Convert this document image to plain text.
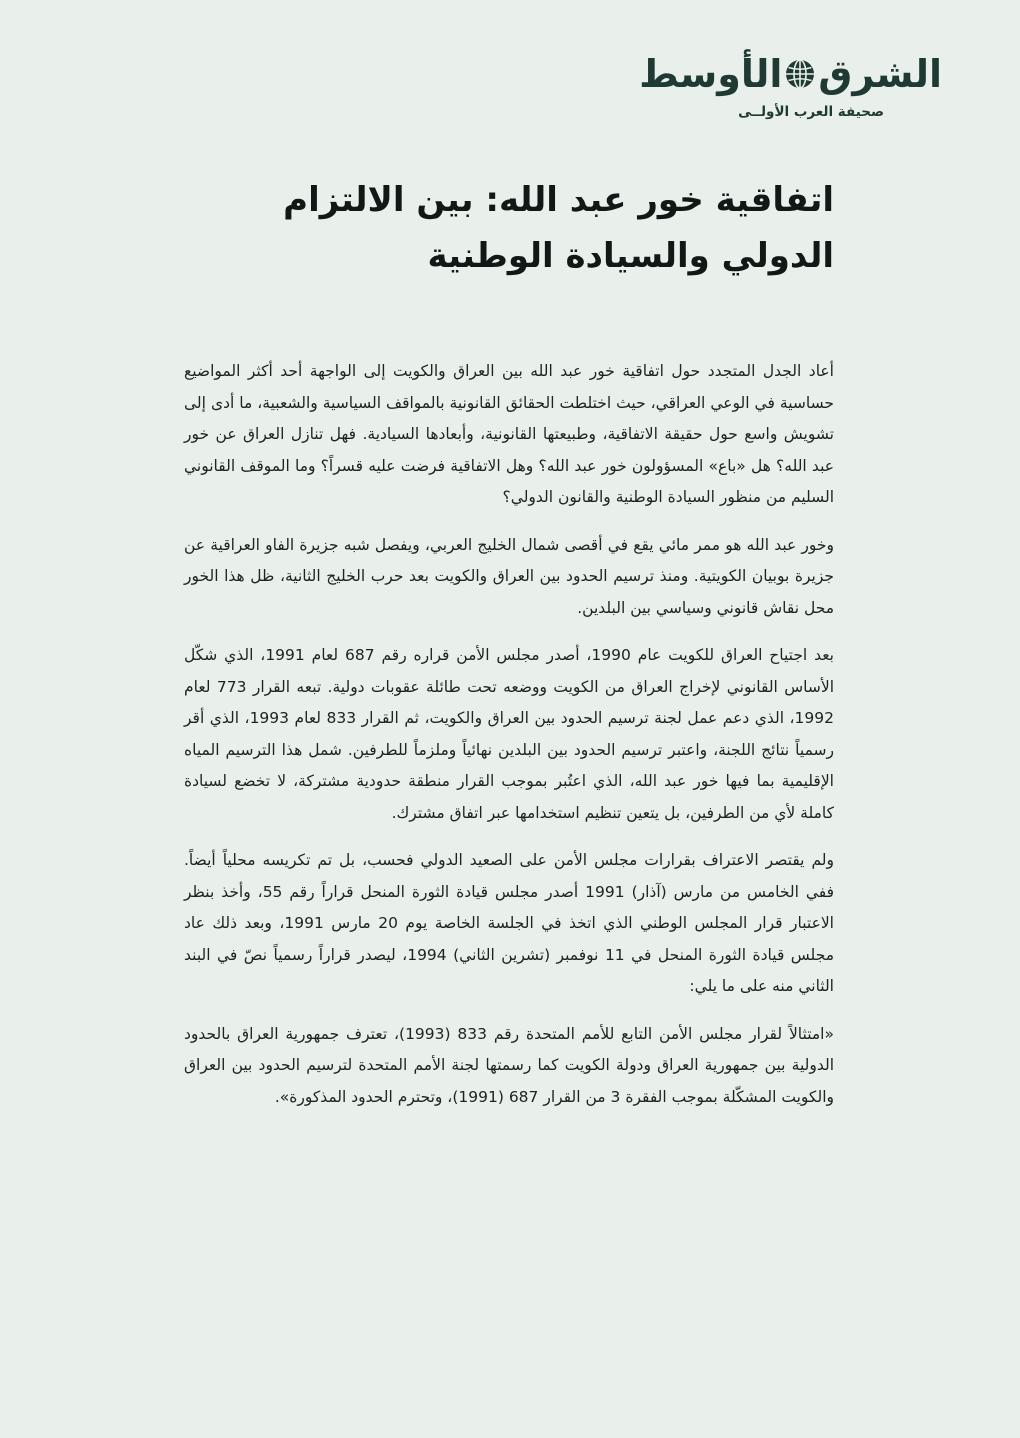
الشرق
الأوسط
صحيفة العرب الأولــى
اتفاقية خور عبد الله: بين الالتزام الدولي والسيادة الوطنية

أعاد الجدل المتجدد حول اتفاقية خور عبد الله بين العراق والكويت إلى الواجهة أحد أكثر المواضيع حساسية في الوعي العراقي، حيث اختلطت الحقائق القانونية بالمواقف السياسية والشعبية، ما أدى إلى تشويش واسع حول حقيقة الاتفاقية، وطبيعتها القانونية، وأبعادها السيادية. فهل تنازل العراق عن خور عبد الله؟ هل «باع» المسؤولون خور عبد الله؟ وهل الاتفاقية فرضت عليه قسراً؟ وما الموقف القانوني السليم من منظور السيادة الوطنية والقانون الدولي؟

وخور عبد الله هو ممر مائي يقع في أقصى شمال الخليج العربي، ويفصل شبه جزيرة الفاو العراقية عن جزيرة بوبيان الكويتية. ومنذ ترسيم الحدود بين العراق والكويت بعد حرب الخليج الثانية، ظل هذا الخور محل نقاش قانوني وسياسي بين البلدين.

بعد اجتياح العراق للكويت عام 1990، أصدر مجلس الأمن قراره رقم 687 لعام 1991، الذي شكّل الأساس القانوني لإخراج العراق من الكويت ووضعه تحت طائلة عقوبات دولية. تبعه القرار 773 لعام 1992، الذي دعم عمل لجنة ترسيم الحدود بين العراق والكويت، ثم القرار 833 لعام 1993، الذي أقر رسمياً نتائج اللجنة، واعتبر ترسيم الحدود بين البلدين نهائياً وملزماً للطرفين. شمل هذا الترسيم المياه الإقليمية بما فيها خور عبد الله، الذي اعتُبر بموجب القرار منطقة حدودية مشتركة، لا تخضع لسيادة كاملة لأي من الطرفين، بل يتعين تنظيم استخدامها عبر اتفاق مشترك.

ولم يقتصر الاعتراف بقرارات مجلس الأمن على الصعيد الدولي فحسب، بل تم تكريسه محلياً أيضاً. ففي الخامس من مارس (آذار) 1991 أصدر مجلس قيادة الثورة المنحل قراراً رقم 55، وأخذ بنظر الاعتبار قرار المجلس الوطني الذي اتخذ في الجلسة الخاصة يوم 20 مارس 1991، وبعد ذلك عاد مجلس قيادة الثورة المنحل في 11 نوفمبر (تشرين الثاني) 1994، ليصدر قراراً رسمياً نصّ في البند الثاني منه على ما يلي:

«امتثالاً لقرار مجلس الأمن التابع للأمم المتحدة رقم 833 (1993)، تعترف جمهورية العراق بالحدود الدولية بين جمهورية العراق ودولة الكويت كما رسمتها لجنة الأمم المتحدة لترسيم الحدود بين العراق والكويت المشكّلة بموجب الفقرة 3 من القرار 687 (1991)، وتحترم الحدود المذكورة».
